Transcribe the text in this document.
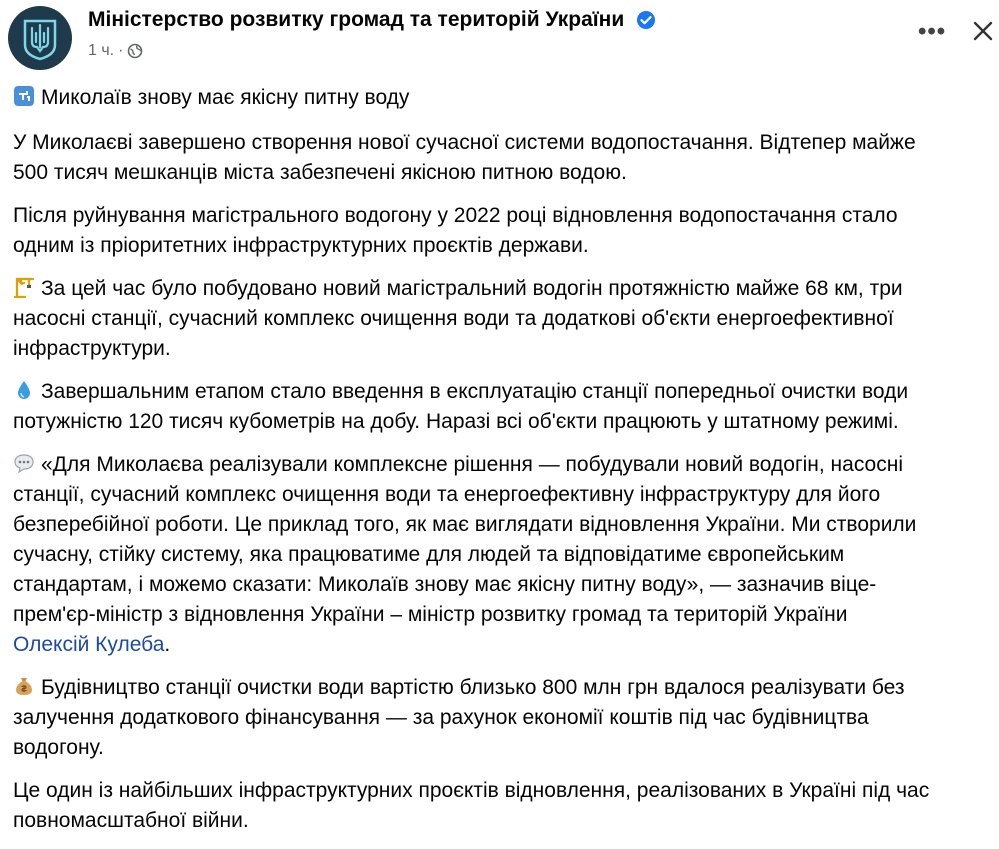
Міністерство розвитку громад та територій України
1 ч. ·
•••

Миколаїв знову має якісну питну воду

У Миколаєві завершено створення нової сучасної системи водопостачання. Відтепер майже
500 тисяч мешканців міста забезпечені якісною питною водою.

Після руйнування магістрального водогону у 2022 році відновлення водопостачання стало
одним із пріоритетних інфраструктурних проєктів держави.

За цей час було побудовано новий магістральний водогін протяжністю майже 68 км, три
насосні станції, сучасний комплекс очищення води та додаткові об'єкти енергоефективної
інфраструктури.

Завершальним етапом стало введення в експлуатацію станції попередньої очистки води
потужністю 120 тисяч кубометрів на добу. Наразі всі об'єкти працюють у штатному режимі.

«Для Миколаєва реалізували комплексне рішення — побудували новий водогін, насосні
станції, сучасний комплекс очищення води та енергоефективну інфраструктуру для його
безперебійної роботи. Це приклад того, як має виглядати відновлення України. Ми створили
сучасну, стійку систему, яка працюватиме для людей та відповідатиме європейським
стандартам, і можемо сказати: Миколаїв знову має якісну питну воду», — зазначив віце-
прем'єр-міністр з відновлення України – міністр розвитку громад та територій України
Олексій Кулеба.

Будівництво станції очистки води вартістю близько 800 млн грн вдалося реалізувати без
залучення додаткового фінансування — за рахунок економії коштів під час будівництва
водогону.

Це один із найбільших інфраструктурних проєктів відновлення, реалізованих в Україні під час
повномасштабної війни.
